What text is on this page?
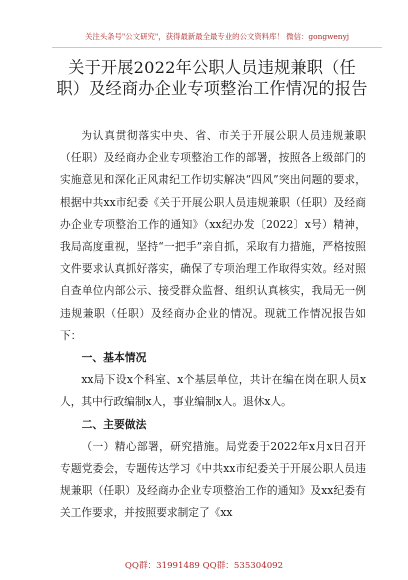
关注头条号"公文研究"，获得最新最全最专业的公文资料库！ 微信：gongwenyj
关于开展2022年公职人员违规兼职（任职）及经商办企业专项整治工作情况的报告

为认真贯彻落实中央、省、市关于开展公职人员违规兼职（任职）及经商办企业专项整治工作的部署，按照各上级部门的实施意见和深化正风肃纪工作切实解决“四风”突出问题的要求，根据中共xx市纪委《关于开展公职人员违规兼职（任职）及经商办企业专项整治工作的通知》（xx纪办发〔2022〕x号）精神，我局高度重视，坚持“一把手”亲自抓，采取有力措施，严格按照文件要求认真抓好落实，确保了专项治理工作取得实效。经对照自查单位内部公示、接受群众监督、组织认真核实，我局无一例违规兼职（任职）及经商办企业的情况。现就工作情况报告如下：

一、基本情况

xx局下设x个科室、x个基层单位，共计在编在岗在职人员x人，其中行政编制x人，事业编制x人。退休x人。

二、主要做法

（一）精心部署，研究措施。局党委于2022年x月x日召开专题党委会，专题传达学习《中共xx市纪委关于开展公职人员违规兼职（任职）及经商办企业专项整治工作的通知》及xx纪委有关工作要求，并按照要求制定了《xx

QQ群：31991489 QQ群：535304092
